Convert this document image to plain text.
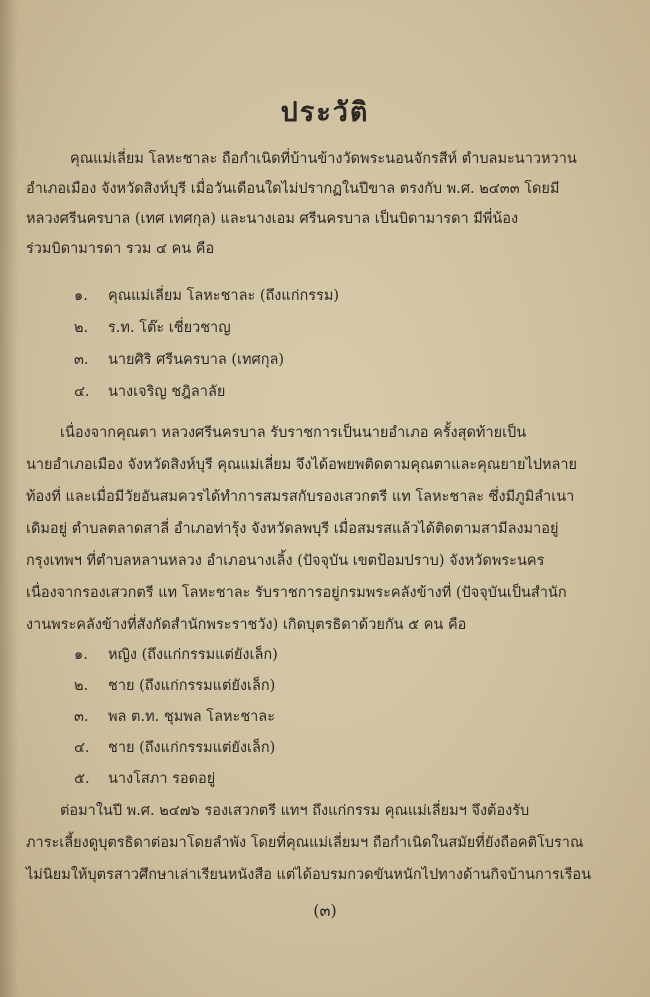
ประวัติ
คุณแม่เลี่ยม โลหะชาละ ถือกำเนิดที่บ้านข้างวัดพระนอนจักรสีห์ ตำบลมะนาวหวาน
อำเภอเมือง จังหวัดสิงห์บุรี เมื่อวันเดือนใดไม่ปรากฏในปีขาล ตรงกับ พ.ศ. ๒๔๓๓ โดยมี
หลวงศรีนครบาล (เทศ เทศกุล) และนางเอม ศรีนครบาล เป็นบิดามารดา มีพี่น้อง
ร่วมบิดามารดา รวม ๔ คน คือ
๑. คุณแม่เลี่ยม โลหะชาละ (ถึงแก่กรรม)
๒. ร.ท. โต๊ะ เชี่ยวชาญ
๓. นายศิริ ศรีนครบาล (เทศกุล)
๔. นางเจริญ ชฎิลาลัย
เนื่องจากคุณตา หลวงศรีนครบาล รับราชการเป็นนายอำเภอ ครั้งสุดท้ายเป็น
นายอำเภอเมือง จังหวัดสิงห์บุรี คุณแม่เลี่ยม จึงได้อพยพติดตามคุณตาและคุณยายไปหลาย
ท้องที่ และเมื่อมีวัยอันสมควรได้ทำการสมรสกับรองเสวกตรี แท โลหะชาละ ซึ่งมีภูมิลำเนา
เดิมอยู่ ตำบลตลาดสาลี่ อำเภอท่ารุ้ง จังหวัดลพบุรี เมื่อสมรสแล้วได้ติดตามสามีลงมาอยู่
กรุงเทพฯ ที่ตำบลหลานหลวง อำเภอนางเลิ้ง (ปัจจุบัน เขตป้อมปราบ) จังหวัดพระนคร
เนื่องจากรองเสวกตรี แท โลหะชาละ รับราชการอยู่กรมพระคลังข้างที่ (ปัจจุบันเป็นสำนัก
งานพระคลังข้างที่สังกัดสำนักพระราชวัง) เกิดบุตรธิดาด้วยกัน ๕ คน คือ
๑. หญิง (ถึงแก่กรรมแต่ยังเล็ก)
๒. ชาย (ถึงแก่กรรมแต่ยังเล็ก)
๓. พล ต.ท. ชุมพล โลหะชาละ
๔. ชาย (ถึงแก่กรรมแต่ยังเล็ก)
๕. นางโสภา รอดอยู่
ต่อมาในปี พ.ศ. ๒๔๗๖ รองเสวกตรี แทฯ ถึงแก่กรรม คุณแม่เลี่ยมฯ จึงต้องรับ
ภาระเลี้ยงดูบุตรธิดาต่อมาโดยลำพัง โดยที่คุณแม่เลี่ยมฯ ถือกำเนิดในสมัยที่ยังถือคติโบราณ
ไม่นิยมให้บุตรสาวศึกษาเล่าเรียนหนังสือ แต่ได้อบรมกวดขันหนักไปทางด้านกิจบ้านการเรือน
(๓)
